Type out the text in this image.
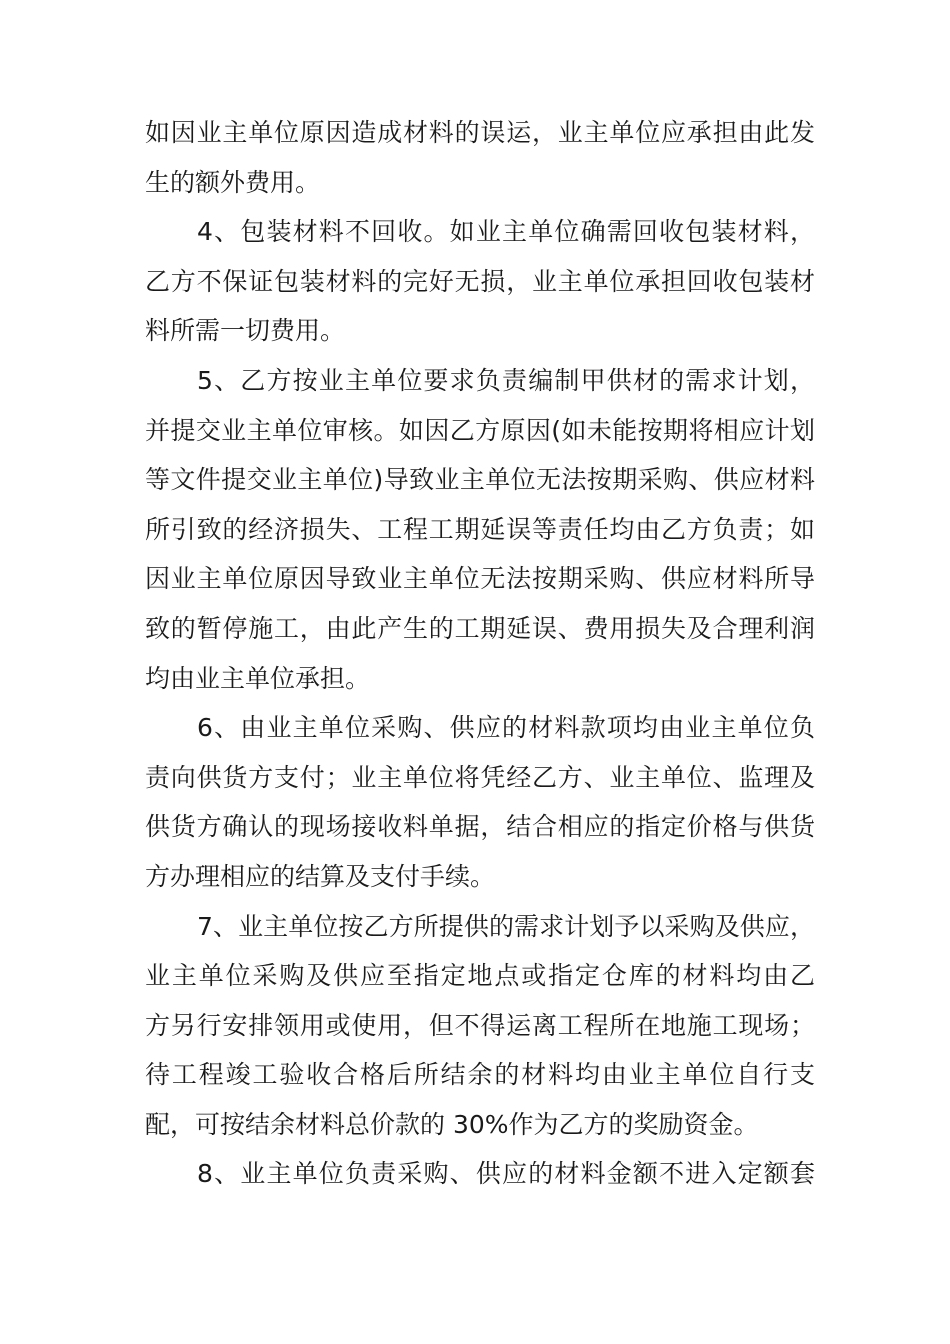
如因业主单位原因造成材料的误运，业主单位应承担由此发
生的额外费用。
4、包装材料不回收。如业主单位确需回收包装材料，
乙方不保证包装材料的完好无损，业主单位承担回收包装材
料所需一切费用。
5、乙方按业主单位要求负责编制甲供材的需求计划，
并提交业主单位审核。如因乙方原因(如未能按期将相应计划
等文件提交业主单位)导致业主单位无法按期采购、供应材料
所引致的经济损失、工程工期延误等责任均由乙方负责；如
因业主单位原因导致业主单位无法按期采购、供应材料所导
致的暂停施工，由此产生的工期延误、费用损失及合理利润
均由业主单位承担。
6、由业主单位采购、供应的材料款项均由业主单位负
责向供货方支付；业主单位将凭经乙方、业主单位、监理及
供货方确认的现场接收料单据，结合相应的指定价格与供货
方办理相应的结算及支付手续。
7、业主单位按乙方所提供的需求计划予以采购及供应，
业主单位采购及供应至指定地点或指定仓库的材料均由乙
方另行安排领用或使用，但不得运离工程所在地施工现场；
待工程竣工验收合格后所结余的材料均由业主单位自行支
配，可按结余材料总价款的 30%作为乙方的奖励资金。
8、业主单位负责采购、供应的材料金额不进入定额套
